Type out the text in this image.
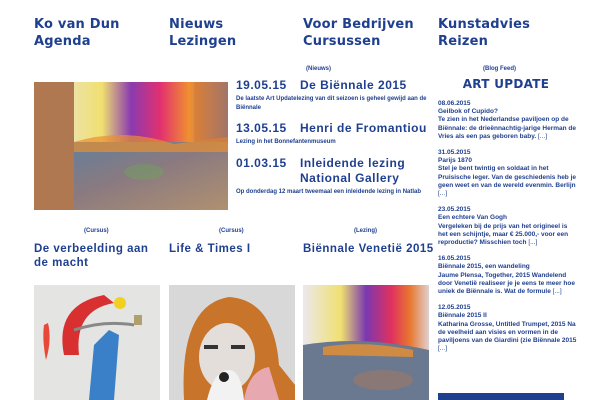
Ko van Dun
Agenda
Nieuws
Lezingen
Voor Bedrijven
Cursussen
Kunstadvies
Reizen
(Nieuws)	(Blog Feed)
19.05.15	De Biënnale 2015
De laatste Art Updatelezing van dit seizoen is geheel gewijd aan de Biënnale
13.05.15	Henri de Fromantiou
Lezing in het Bonnefantenmuseum
01.03.15	Inleidende lezing
National Gallery
Op donderdag 12 maart tweemaal een inleidende lezing in Natlab
ART UPDATE
08.06.2015
Geilbok of Cupido?
Te zien in het Nederlandse paviljoen op de Biënnale: de drieënnachtig-jarige Herman de Vries als een pas geboren baby. [...]
31.05.2015
Parijs 1870
Stel je bent twintig en soldaat in het Pruisische leger. Van de geschiedenis heb je geen weet en van de wereld evenmin. Berlijn [...]
23.05.2015
Een echtere Van Gogh
Vergeleken bij de prijs van het origineel is het een schijntje, maar € 25.000,- voor een reproductie? Misschien toch [...]
16.05.2015
Biënnale 2015, een wandeling
Jaume Plensa, Together, 2015 Wandelend door Venetië realiseer je je eens te meer hoe uniek de Biënnale is. Wat de formule [...]
12.05.2015
Biënnale 2015 II
Katharina Grosse, Untitled Trumpet, 2015 Na de veelheid aan visies en vormen in de paviljoens van de Giardini (zie Biënnale 2015 [...]
(Cursus)	(Cursus)	(Lezing)
De verbeelding aan de macht
Life & Times I	Biënnale Venetië 2015
